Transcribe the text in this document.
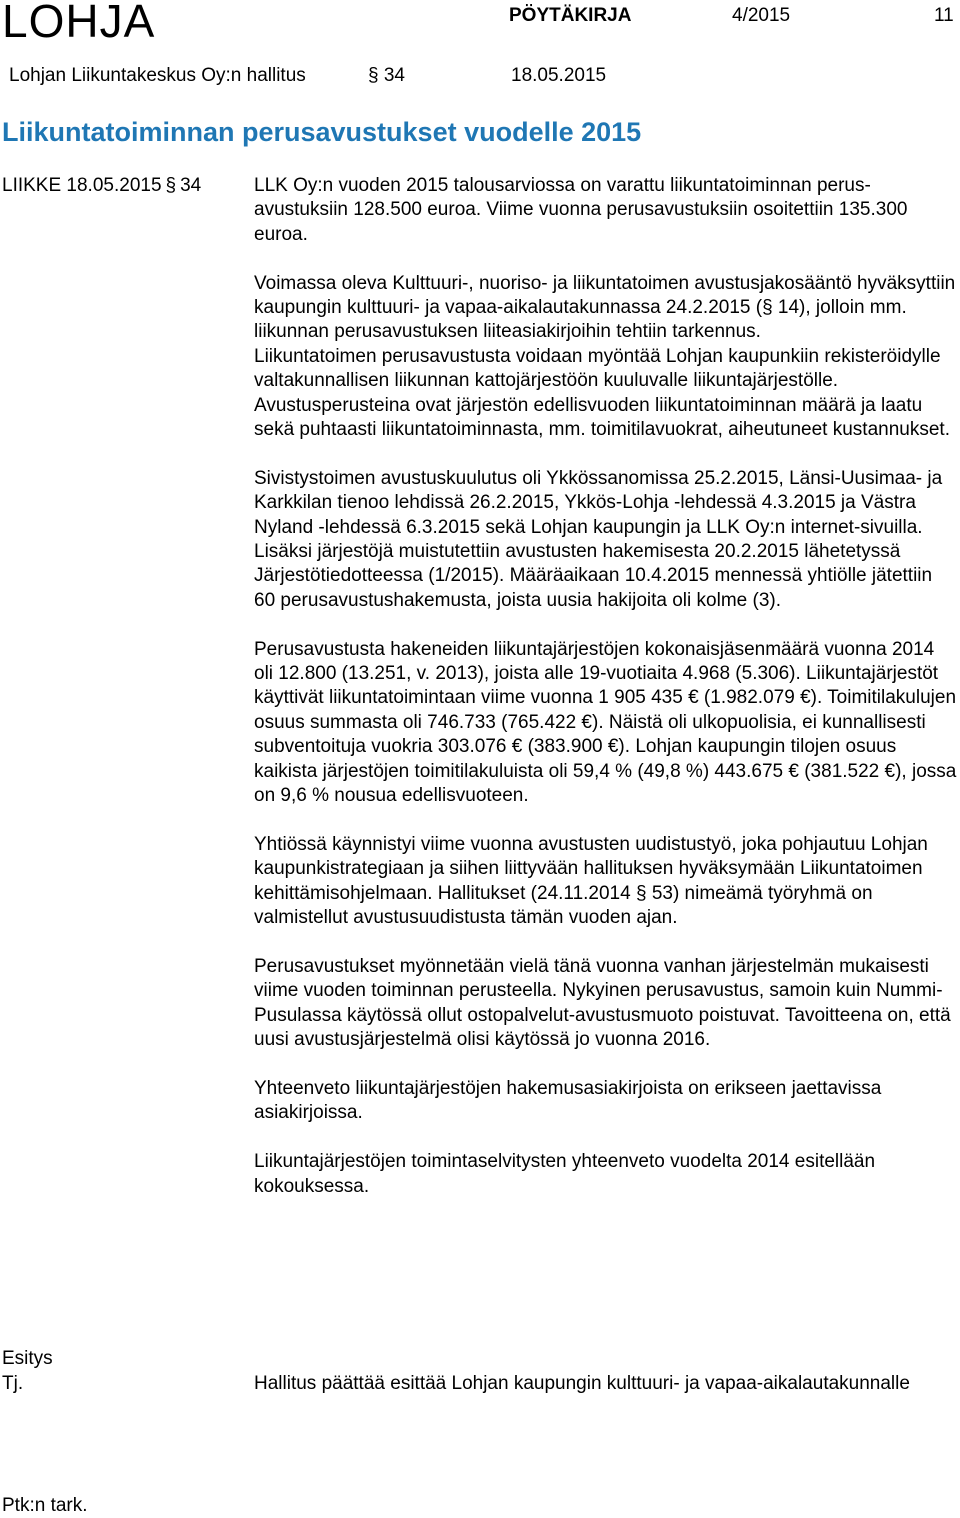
LOHJA	PÖYTÄKIRJA	4/2015	11
Lohjan Liikuntakeskus Oy:n hallitus	§ 34	18.05.2015
Liikuntatoiminnan perusavustukset vuodelle 2015
LIIKKE 18.05.2015 § 34	LLK Oy:n vuoden 2015 talousarviossa on varattu liikuntatoiminnan perusavustuksiin 128.500 euroa. Viime vuonna perusavustuksiin osoitettiin 135.300 euroa.

Voimassa oleva Kulttuuri-, nuoriso- ja liikuntatoimen avustusjakosääntö hyväksyttiin kaupungin kulttuuri- ja vapaa-aikalautakunnassa 24.2.2015 (§ 14), jolloin mm. liikunnan perusavustuksen liiteasiakirjoihin tehtiin tarkennus.

Liikuntatoimen perusavustusta voidaan myöntää Lohjan kaupunkiin rekisteröidylle valtakunnallisen liikunnan kattojärjestöön kuuluvalle liikuntajärjestölle. Avustusperusteina ovat järjestön edellisvuoden liikuntatoiminnan määrä ja laatu sekä puhtaasti liikuntatoiminnasta, mm. toimitilavuokrat, aiheutuneet kustannukset.

Sivistystoimen avustuskuulutus oli Ykkössanomissa 25.2.2015, Länsi-Uusimaa- ja Karkkilan tienoo lehdissä 26.2.2015, Ykkös-Lohja -lehdessä 4.3.2015 ja Västra Nyland -lehdessä 6.3.2015 sekä Lohjan kaupungin ja LLK Oy:n internet-sivuilla. Lisäksi järjestöjä muistutettiin avustusten hakemisesta 20.2.2015 lähetetyssä Järjestötiedotteessa (1/2015). Määräaikaan 10.4.2015 mennessä yhtiölle jätettiin 60 perusavustushakemusta, joista uusia hakijoita oli kolme (3).

Perusavustusta hakeneiden liikuntajärjestöjen kokonaisjäsenmäärä vuonna 2014 oli 12.800 (13.251, v. 2013), joista alle 19-vuotiaita 4.968 (5.306). Liikuntajärjestöt käyttivät liikuntatoimintaan viime vuonna 1 905 435 € (1.982.079 €). Toimitilakulujen osuus summasta oli 746.733 (765.422 €). Näistä oli ulkopuolisia, ei kunnallisesti subventoituja vuokria 303.076 € (383.900 €). Lohjan kaupungin tilojen osuus kaikista järjestöjen toimitilakuluista oli 59,4 % (49,8 %) 443.675 € (381.522 €), jossa on 9,6 % nousua edellisvuoteen.

Yhtiössä käynnistyi viime vuonna avustusten uudistustyö, joka pohjautuu Lohjan kaupunkistrategiaan ja siihen liittyvään hallituksen hyväksymään Liikuntatoimen kehittämisohjelmaan. Hallitukset (24.11.2014 § 53) nimeämä työryhmä on valmistellut avustusuudistusta tämän vuoden ajan.

Perusavustukset myönnetään vielä tänä vuonna vanhan järjestelmän mukaisesti viime vuoden toiminnan perusteella. Nykyinen perusavustus, samoin kuin Nummi-Pusulassa käytössä ollut ostopalvelut-avustusmuoto poistuvat. Tavoitteena on, että uusi avustusjärjestelmä olisi käytössä jo vuonna 2016.

Yhteenveto liikuntajärjestöjen hakemusasiakirjoista on erikseen jaettavissa asiakirjoissa.

Liikuntajärjestöjen toimintaselvitysten yhteenveto vuodelta 2014 esitellään kokouksessa.

Esitys
Tj.	Hallitus päättää esittää Lohjan kaupungin kulttuuri- ja vapaa-aikalautakunnalle
Ptk:n tark.
